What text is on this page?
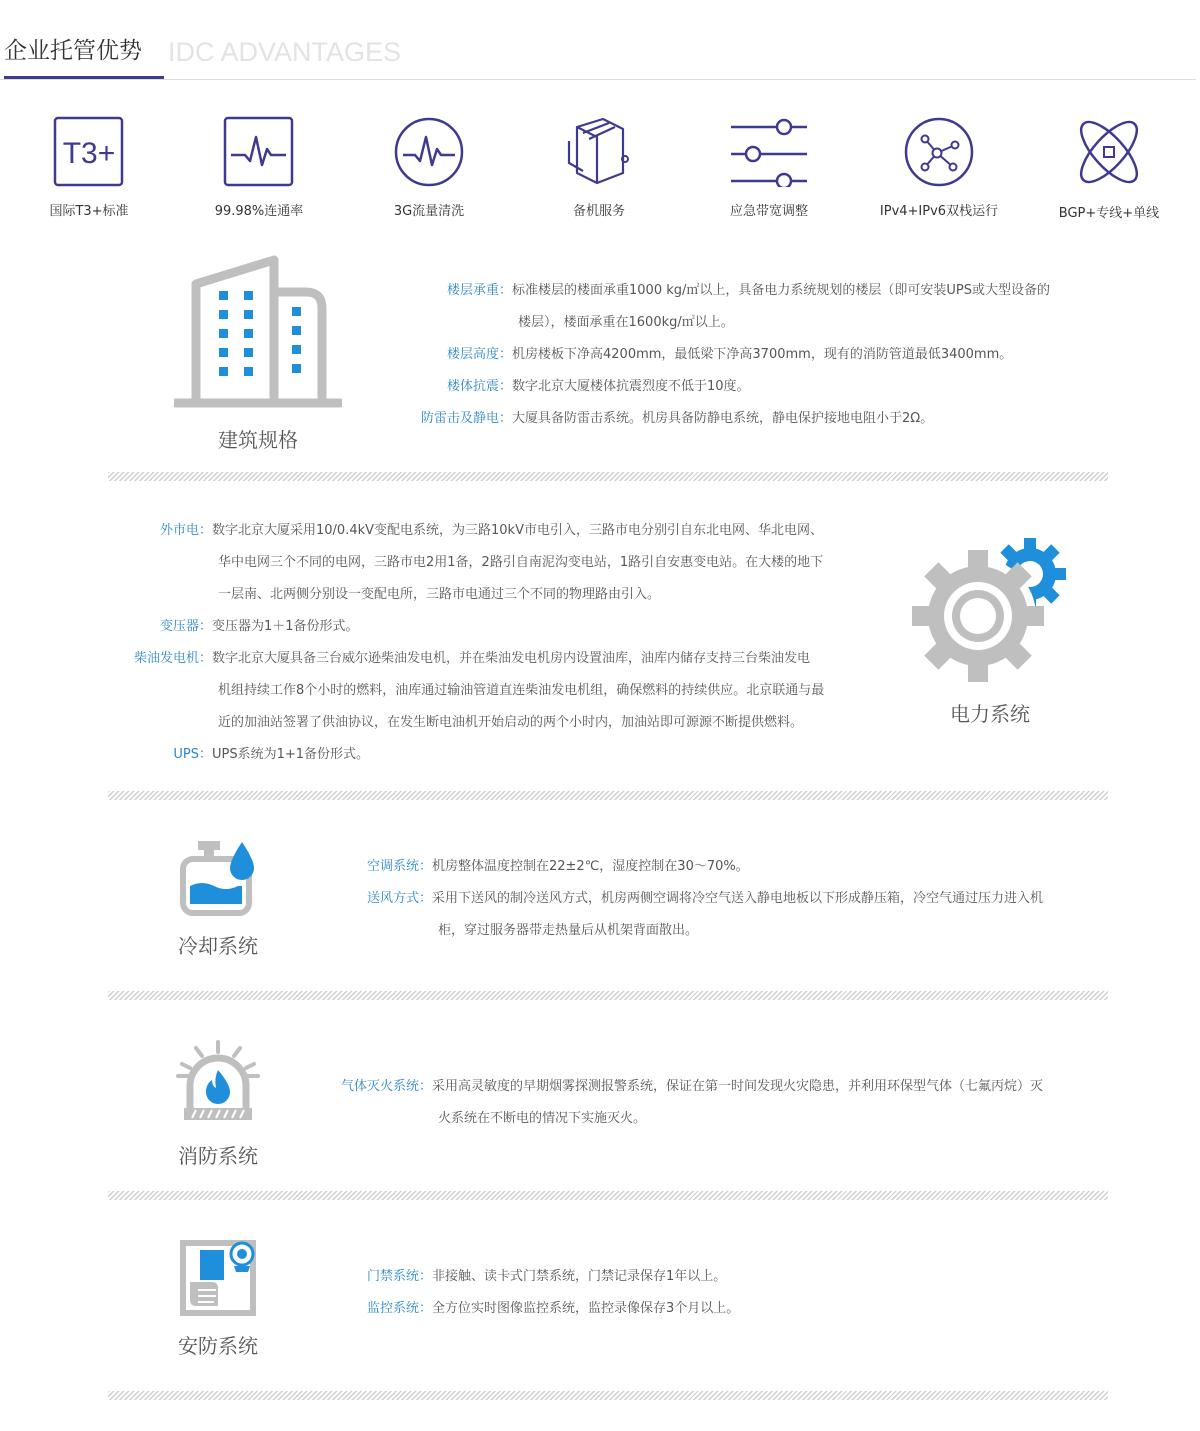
企业托管优势 IDC ADVANTAGES
T3+
国际T3+标准	99.98%连通率	3G流量清洗	备机服务	应急带宽调整	IPv4+IPv6双栈运行	BGP+专线+单线
建筑规格
楼层承重：标准楼层的楼面承重1000 kg/㎡以上，具备电力系统规划的楼层（即可安装UPS或大型设备的
楼层），楼面承重在1600kg/㎡以上。
楼层高度：机房楼板下净高4200mm，最低梁下净高3700mm，现有的消防管道最低3400mm。
楼体抗震：数字北京大厦楼体抗震烈度不低于10度。
防雷击及静电：大厦具备防雷击系统。机房具备防静电系统，静电保护接地电阻小于2Ω。
外市电：数字北京大厦采用10/0.4kV变配电系统，为三路10kV市电引入，三路市电分别引自东北电网、华北电网、
华中电网三个不同的电网，三路市电2用1备，2路引自南泥沟变电站，1路引自安惠变电站。在大楼的地下
一层南、北两侧分别设一变配电所，三路市电通过三个不同的物理路由引入。
变压器：变压器为1＋1备份形式。
柴油发电机：数字北京大厦具备三台威尔逊柴油发电机，并在柴油发电机房内设置油库，油库内储存支持三台柴油发电
机组持续工作8个小时的燃料，油库通过输油管道直连柴油发电机组，确保燃料的持续供应。北京联通与最
近的加油站签署了供油协议，在发生断电油机开始启动的两个小时内，加油站即可源源不断提供燃料。
UPS：UPS系统为1+1备份形式。
电力系统
冷却系统
空调系统：机房整体温度控制在22±2℃，湿度控制在30～70%。
送风方式：采用下送风的制冷送风方式，机房两侧空调将冷空气送入静电地板以下形成静压箱，冷空气通过压力进入机
柜，穿过服务器带走热量后从机架背面散出。
消防系统
气体灭火系统：采用高灵敏度的早期烟雾探测报警系统，保证在第一时间发现火灾隐患，并利用环保型气体（七氟丙烷）灭
火系统在不断电的情况下实施灭火。
安防系统
门禁系统：非接触、读卡式门禁系统，门禁记录保存1年以上。
监控系统：全方位实时图像监控系统，监控录像保存3个月以上。
